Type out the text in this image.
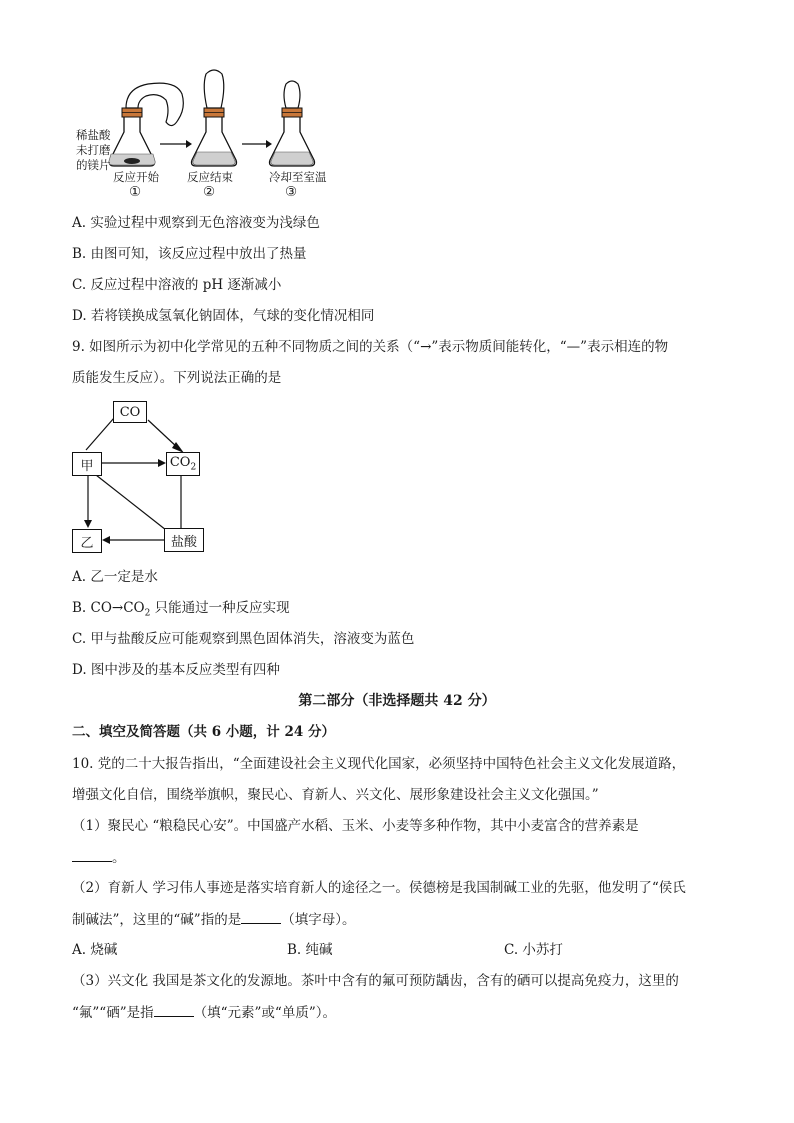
稀盐酸
未打磨
的镁片
反应开始 反应结束	冷却至室温
①	②	③
A. 实验过程中观察到无色溶液变为浅绿色
B. 由图可知，该反应过程中放出了热量
C. 反应过程中溶液的 pH 逐渐减小
D. 若将镁换成氢氧化钠固体，气球的变化情况相同
9. 如图所示为初中化学常见的五种不同物质之间的关系（“→”表示物质间能转化，“—”表示相连的物
质能发生反应）。下列说法正确的是
CO
甲	$CO_2$
乙	盐酸
A. 乙一定是水
B. $CO\to CO_2$ 只能通过一种反应实现
C. 甲与盐酸反应可能观察到黑色固体消失，溶液变为蓝色
D. 图中涉及的基本反应类型有四种
第二部分（非选择题共 42 分）
二、填空及简答题（共 6 小题，计 24 分）
10. 党的二十大报告指出，“全面建设社会主义现代化国家，必须坚持中国特色社会主义文化发展道路，
增强文化自信，围绕举旗帜，聚民心、育新人、兴文化、展形象建设社会主义文化强国。”
（1）聚民心 “粮稳民心安”。中国盛产水稻、玉米、小麦等多种作物，其中小麦富含的营养素是
。
（2）育新人 学习伟人事迹是落实培育新人的途径之一。侯德榜是我国制碱工业的先驱，他发明了“侯氏
制碱法”，这里的“碱”指的是	（填字母）。
A. 烧碱	B. 纯碱	C. 小苏打
（3）兴文化 我国是茶文化的发源地。茶叶中含有的氟可预防龋齿，含有的硒可以提高免疫力，这里的
“氟”“硒”是指	（填“元素”或“单质”）。
